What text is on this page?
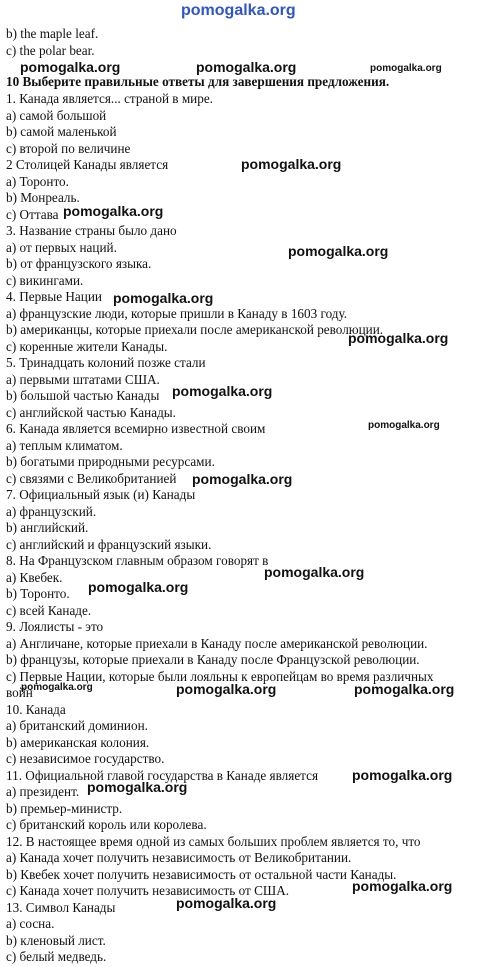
pomogalka.org
b) the maple leaf.
c) the polar bear.
10 Выберите правильные ответы для завершения предложения.
1. Канада является... страной в мире.
a) самой большой
b) самой маленькой
c) второй по величине
2 Столицей Канады является
a) Торонто.
b) Монреаль.
c) Оттава
3. Название страны было дано
a) от первых наций.
b) от французского языка.
c) викингами.
4. Первые Нации
a) французские люди, которые пришли в Канаду в 1603 году.
b) американцы, которые приехали после американской революции.
c) коренные жители Канады.
5. Тринадцать колоний позже стали
a) первыми штатами США.
b) большой частью Канады
c) английской частью Канады.
6. Канада является всемирно известной своим
a) теплым климатом.
b) богатыми природными ресурсами.
c) связями с Великобританией
7. Официальный язык (и) Канады
a) французский.
b) английский.
c) английский и французский языки.
8. На Французском главным образом говорят в
a) Квебек.
b) Торонто.
c) всей Канаде.
9. Лоялисты - это
a) Англичане, которые приехали в Канаду после американской революции.
b) французы, которые приехали в Канаду после Французской революции.
c) Первые Нации, которые были лояльны к европейцам во время различных
войн
10. Канада
a) британский доминион.
b) американская колония.
c) независимое государство.
11. Официальной главой государства в Канаде является
a) президент.
b) премьер-министр.
c) британский король или королева.
12. В настоящее время одной из самых больших проблем является то, что
a) Канада хочет получить независимость от Великобритании.
b) Квебек хочет получить независимость от остальной части Канады.
c) Канада хочет получить независимость от США.
13. Символ Канады
a) сосна.
b) кленовый лист.
c) белый медведь.
pomogalka.org	pomogalka.org	pomogalka.org
pomogalka.org
pomogalka.org
pomogalka.org
pomogalka.org
pomogalka.org
pomogalka.org
pomogalka.org
pomogalka.org
pomogalka.org
pomogalka.org
pomogalka.org	pomogalka.org	pomogalka.org
pomogalka.org
pomogalka.org
pomogalka.org
pomogalka.org
